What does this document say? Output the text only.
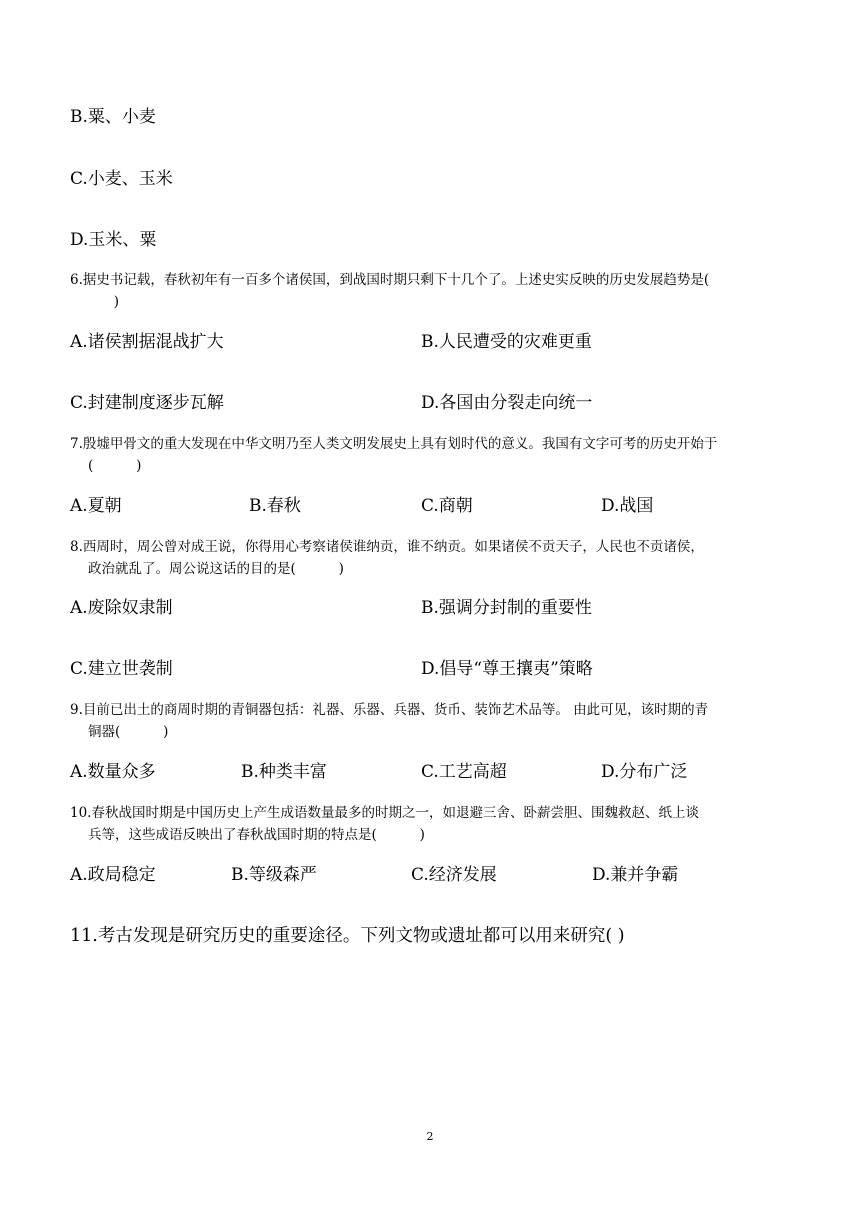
B.粟、小麦
C.小麦、玉米
D.玉米、粟
6.据史书记载，春秋初年有一百多个诸侯国，到战国时期只剩下十几个了。上述史实反映的历史发展趋势是(
)
A.诸侯割据混战扩大	B.人民遭受的灾难更重
C.封建制度逐步瓦解	D.各国由分裂走向统一
7.殷墟甲骨文的重大发现在中华文明乃至人类文明发展史上具有划时代的意义。我国有文字可考的历史开始于
(          )
A.夏朝	B.春秋	C.商朝	D.战国
8.西周时，周公曾对成王说，你得用心考察诸侯谁纳贡，谁不纳贡。如果诸侯不贡天子，人民也不贡诸侯，
政治就乱了。周公说这话的目的是(          )
A.废除奴隶制	B.强调分封制的重要性
C.建立世袭制	D.倡导“尊王攘夷”策略
9.目前已出土的商周时期的青铜器包括：礼器、乐器、兵器、货币、装饰艺术品等。 由此可见，该时期的青
铜器(          )
A.数量众多	B.种类丰富	C.工艺高超	D.分布广泛
10.春秋战国时期是中国历史上产生成语数量最多的时期之一，如退避三舍、卧薪尝胆、围魏救赵、纸上谈
兵等，这些成语反映出了春秋战国时期的特点是(          )
A.政局稳定	B.等级森严	C.经济发展	D.兼并争霸
11.考古发现是研究历史的重要途径。下列文物或遗址都可以用来研究( )
2
